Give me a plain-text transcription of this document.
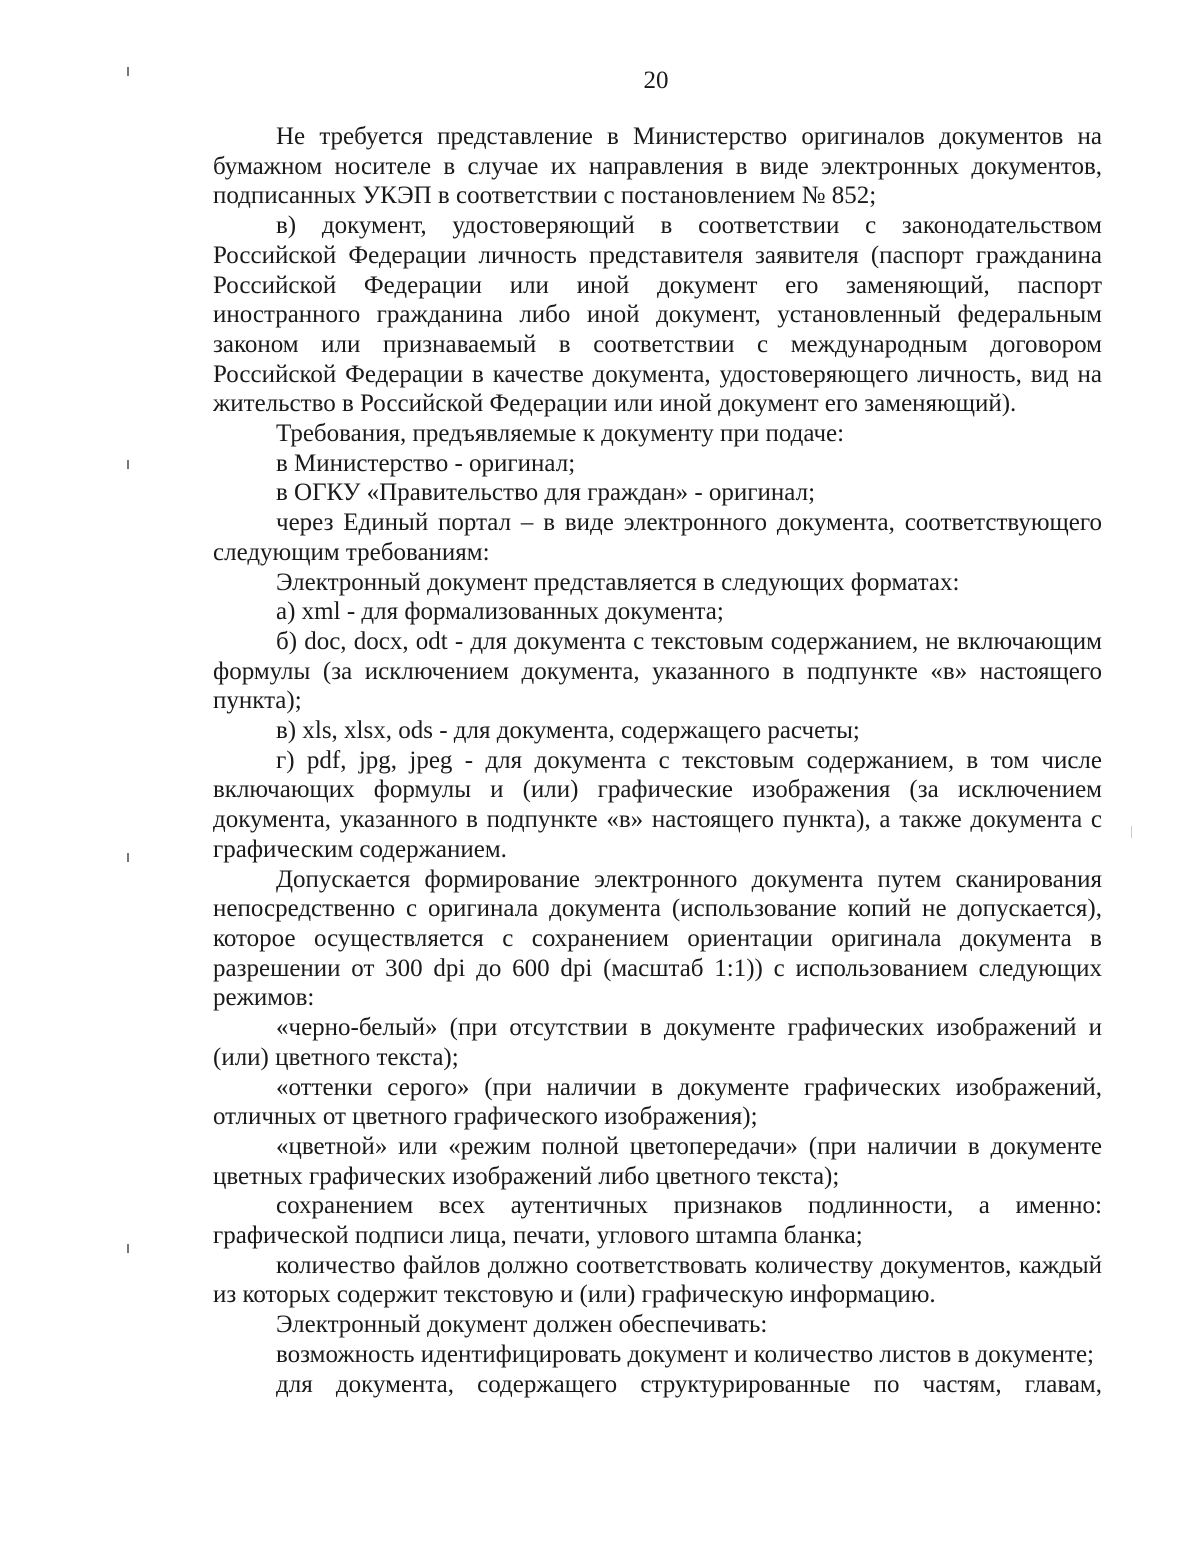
20

Не требуется представление в Министерство оригиналов документов на бумажном носителе в случае их направления в виде электронных документов, подписанных УКЭП в соответствии с постановлением № 852;

в) документ, удостоверяющий в соответствии с законодательством Российской Федерации личность представителя заявителя (паспорт гражданина Российской Федерации или иной документ его заменяющий, паспорт иностранного гражданина либо иной документ, установленный федеральным законом или признаваемый в соответствии с международным договором Российской Федерации в качестве документа, удостоверяющего личность, вид на жительство в Российской Федерации или иной документ его заменяющий).

Требования, предъявляемые к документу при подаче:

в Министерство - оригинал;

в ОГКУ «Правительство для граждан» - оригинал;

через Единый портал – в виде электронного документа, соответствующего следующим требованиям:

Электронный документ представляется в следующих форматах:

а) xml - для формализованных документа;

б) doc, docx, odt - для документа с текстовым содержанием, не включающим формулы (за исключением документа, указанного в подпункте «в» настоящего пункта);

в) xls, xlsx, ods - для документа, содержащего расчеты;

г) pdf, jpg, jpeg - для документа с текстовым содержанием, в том числе включающих формулы и (или) графические изображения (за исключением документа, указанного в подпункте «в» настоящего пункта), а также документа с графическим содержанием.

Допускается формирование электронного документа путем сканирования непосредственно с оригинала документа (использование копий не допускается), которое осуществляется с сохранением ориентации оригинала документа в разрешении от 300 dpi до 600 dpi (масштаб 1:1)) с использованием следующих режимов:

«черно-белый» (при отсутствии в документе графических изображений и (или) цветного текста);

«оттенки серого» (при наличии в документе графических изображений, отличных от цветного графического изображения);

«цветной» или «режим полной цветопередачи» (при наличии в документе цветных графических изображений либо цветного текста);

сохранением всех аутентичных признаков подлинности, а именно: графической подписи лица, печати, углового штампа бланка;

количество файлов должно соответствовать количеству документов, каждый из которых содержит текстовую и (или) графическую информацию.

Электронный документ должен обеспечивать:

возможность идентифицировать документ и количество листов в документе;

для документа, содержащего структурированные по частям, главам,
